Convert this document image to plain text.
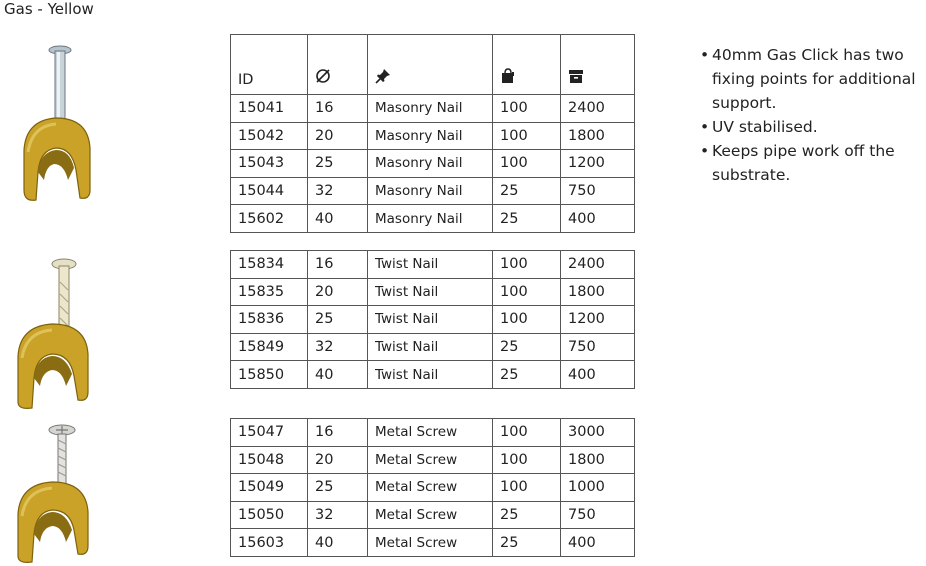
Gas - Yellow
ID				
15041	16	Masonry Nail	100	2400
15042	20	Masonry Nail	100	1800
15043	25	Masonry Nail	100	1200
15044	32	Masonry Nail	25	750
15602	40	Masonry Nail	25	400
15834	16	Twist Nail	100	2400
15835	20	Twist Nail	100	1800
15836	25	Twist Nail	100	1200
15849	32	Twist Nail	25	750
15850	40	Twist Nail	25	400
15047	16	Metal Screw	100	3000
15048	20	Metal Screw	100	1800
15049	25	Metal Screw	100	1000
15050	32	Metal Screw	25	750
15603	40	Metal Screw	25	400
• 40mm Gas Click has two fixing points for additional support.
• UV stabilised.
• Keeps pipe work off the substrate.
